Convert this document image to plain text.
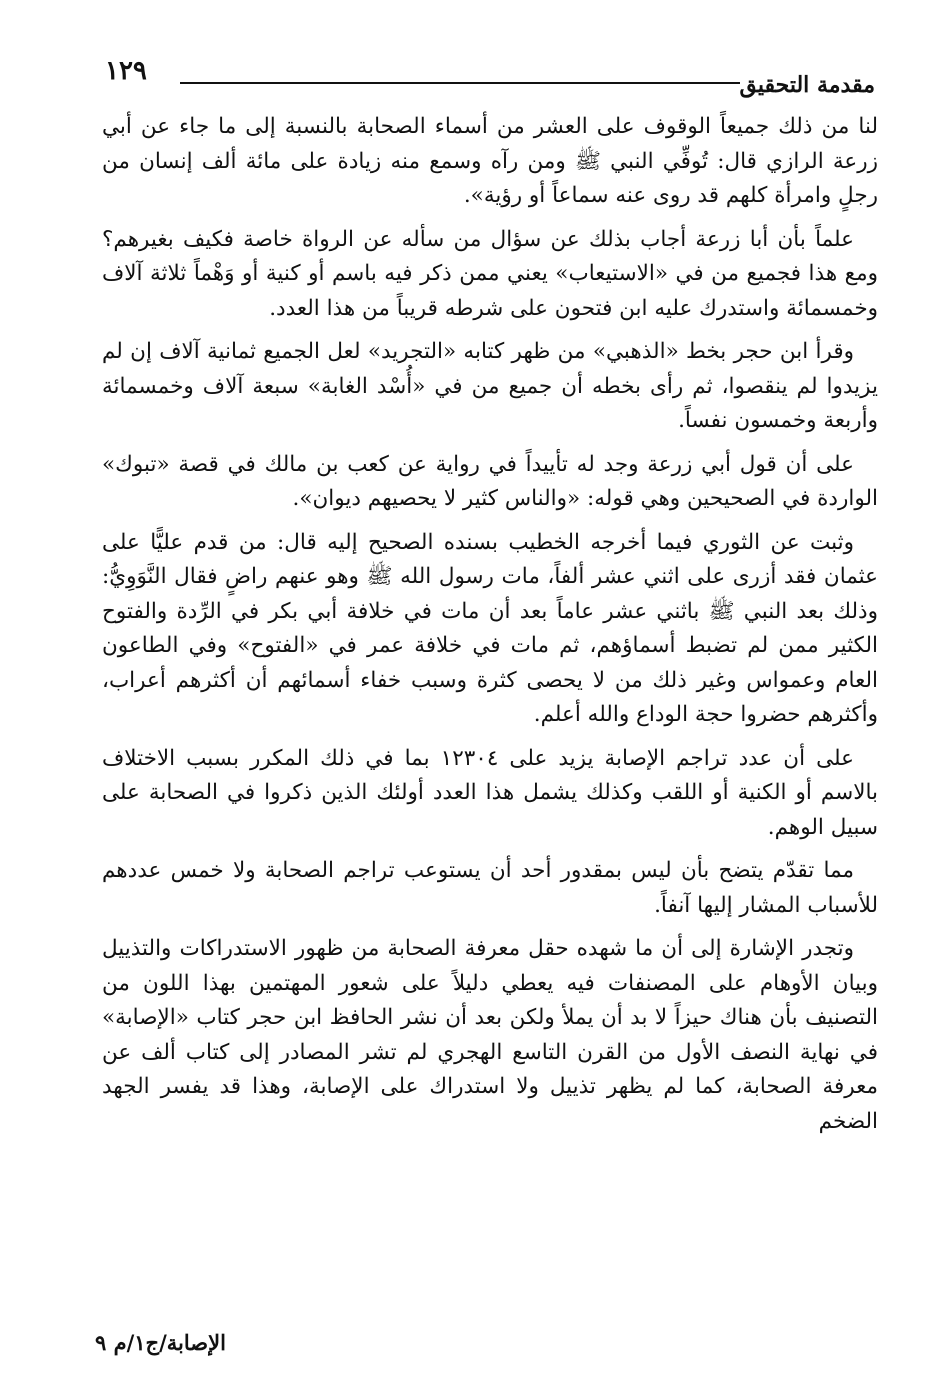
مقدمة التحقيق
١٢٩

لنا من ذلك جميعاً الوقوف على العشر من أسماء الصحابة بالنسبة إلى ما جاء عن أبي زرعة الرازي قال: تُوفِّي النبي ﷺ ومن رآه وسمع منه زيادة على مائة ألف إنسان من رجلٍ وامرأة كلهم قد روى عنه سماعاً أو رؤية».

علماً بأن أبا زرعة أجاب بذلك عن سؤال من سأله عن الرواة خاصة فكيف بغيرهم؟ ومع هذا فجميع من في «الاستيعاب» يعني ممن ذكر فيه باسم أو كنية أو وَهْماً ثلاثة آلاف وخمسمائة واستدرك عليه ابن فتحون على شرطه قريباً من هذا العدد.

وقرأ ابن حجر بخط «الذهبي» من ظهر كتابه «التجريد» لعل الجميع ثمانية آلاف إن لم يزيدوا لم ينقصوا، ثم رأى بخطه أن جميع من في «أُسْد الغابة» سبعة آلاف وخمسمائة وأربعة وخمسون نفساً.

على أن قول أبي زرعة وجد له تأييداً في رواية عن كعب بن مالك في قصة «تبوك» الواردة في الصحيحين وهي قوله: «والناس كثير لا يحصيهم ديوان».

وثبت عن الثوري فيما أخرجه الخطيب بسنده الصحيح إليه قال: من قدم عليًّا على عثمان فقد أزرى على اثني عشر ألفاً، مات رسول الله ﷺ وهو عنهم راضٍ فقال النَّوَوِيُّ: وذلك بعد النبي ﷺ باثني عشر عاماً بعد أن مات في خلافة أبي بكر في الرِّدة والفتوح الكثير ممن لم تضبط أسماؤهم، ثم مات في خلافة عمر في «الفتوح» وفي الطاعون العام وعمواس وغير ذلك من لا يحصى كثرة وسبب خفاء أسمائهم أن أكثرهم أعراب، وأكثرهم حضروا حجة الوداع والله أعلم.

على أن عدد تراجم الإصابة يزيد على ١٢٣٠٤ بما في ذلك المكرر بسبب الاختلاف بالاسم أو الكنية أو اللقب وكذلك يشمل هذا العدد أولئك الذين ذكروا في الصحابة على سبيل الوهم.

مما تقدّم يتضح بأن ليس بمقدور أحد أن يستوعب تراجم الصحابة ولا خمس عددهم للأسباب المشار إليها آنفاً.

وتجدر الإشارة إلى أن ما شهده حقل معرفة الصحابة من ظهور الاستدراكات والتذييل وبيان الأوهام على المصنفات فيه يعطي دليلاً على شعور المهتمين بهذا اللون من التصنيف بأن هناك حيزاً لا بد أن يملأ ولكن بعد أن نشر الحافظ ابن حجر كتاب «الإصابة» في نهاية النصف الأول من القرن التاسع الهجري لم تشر المصادر إلى كتاب ألف عن معرفة الصحابة، كما لم يظهر تذييل ولا استدراك على الإصابة، وهذا قد يفسر الجهد الضخم

الإصابة/ج١/م ٩
